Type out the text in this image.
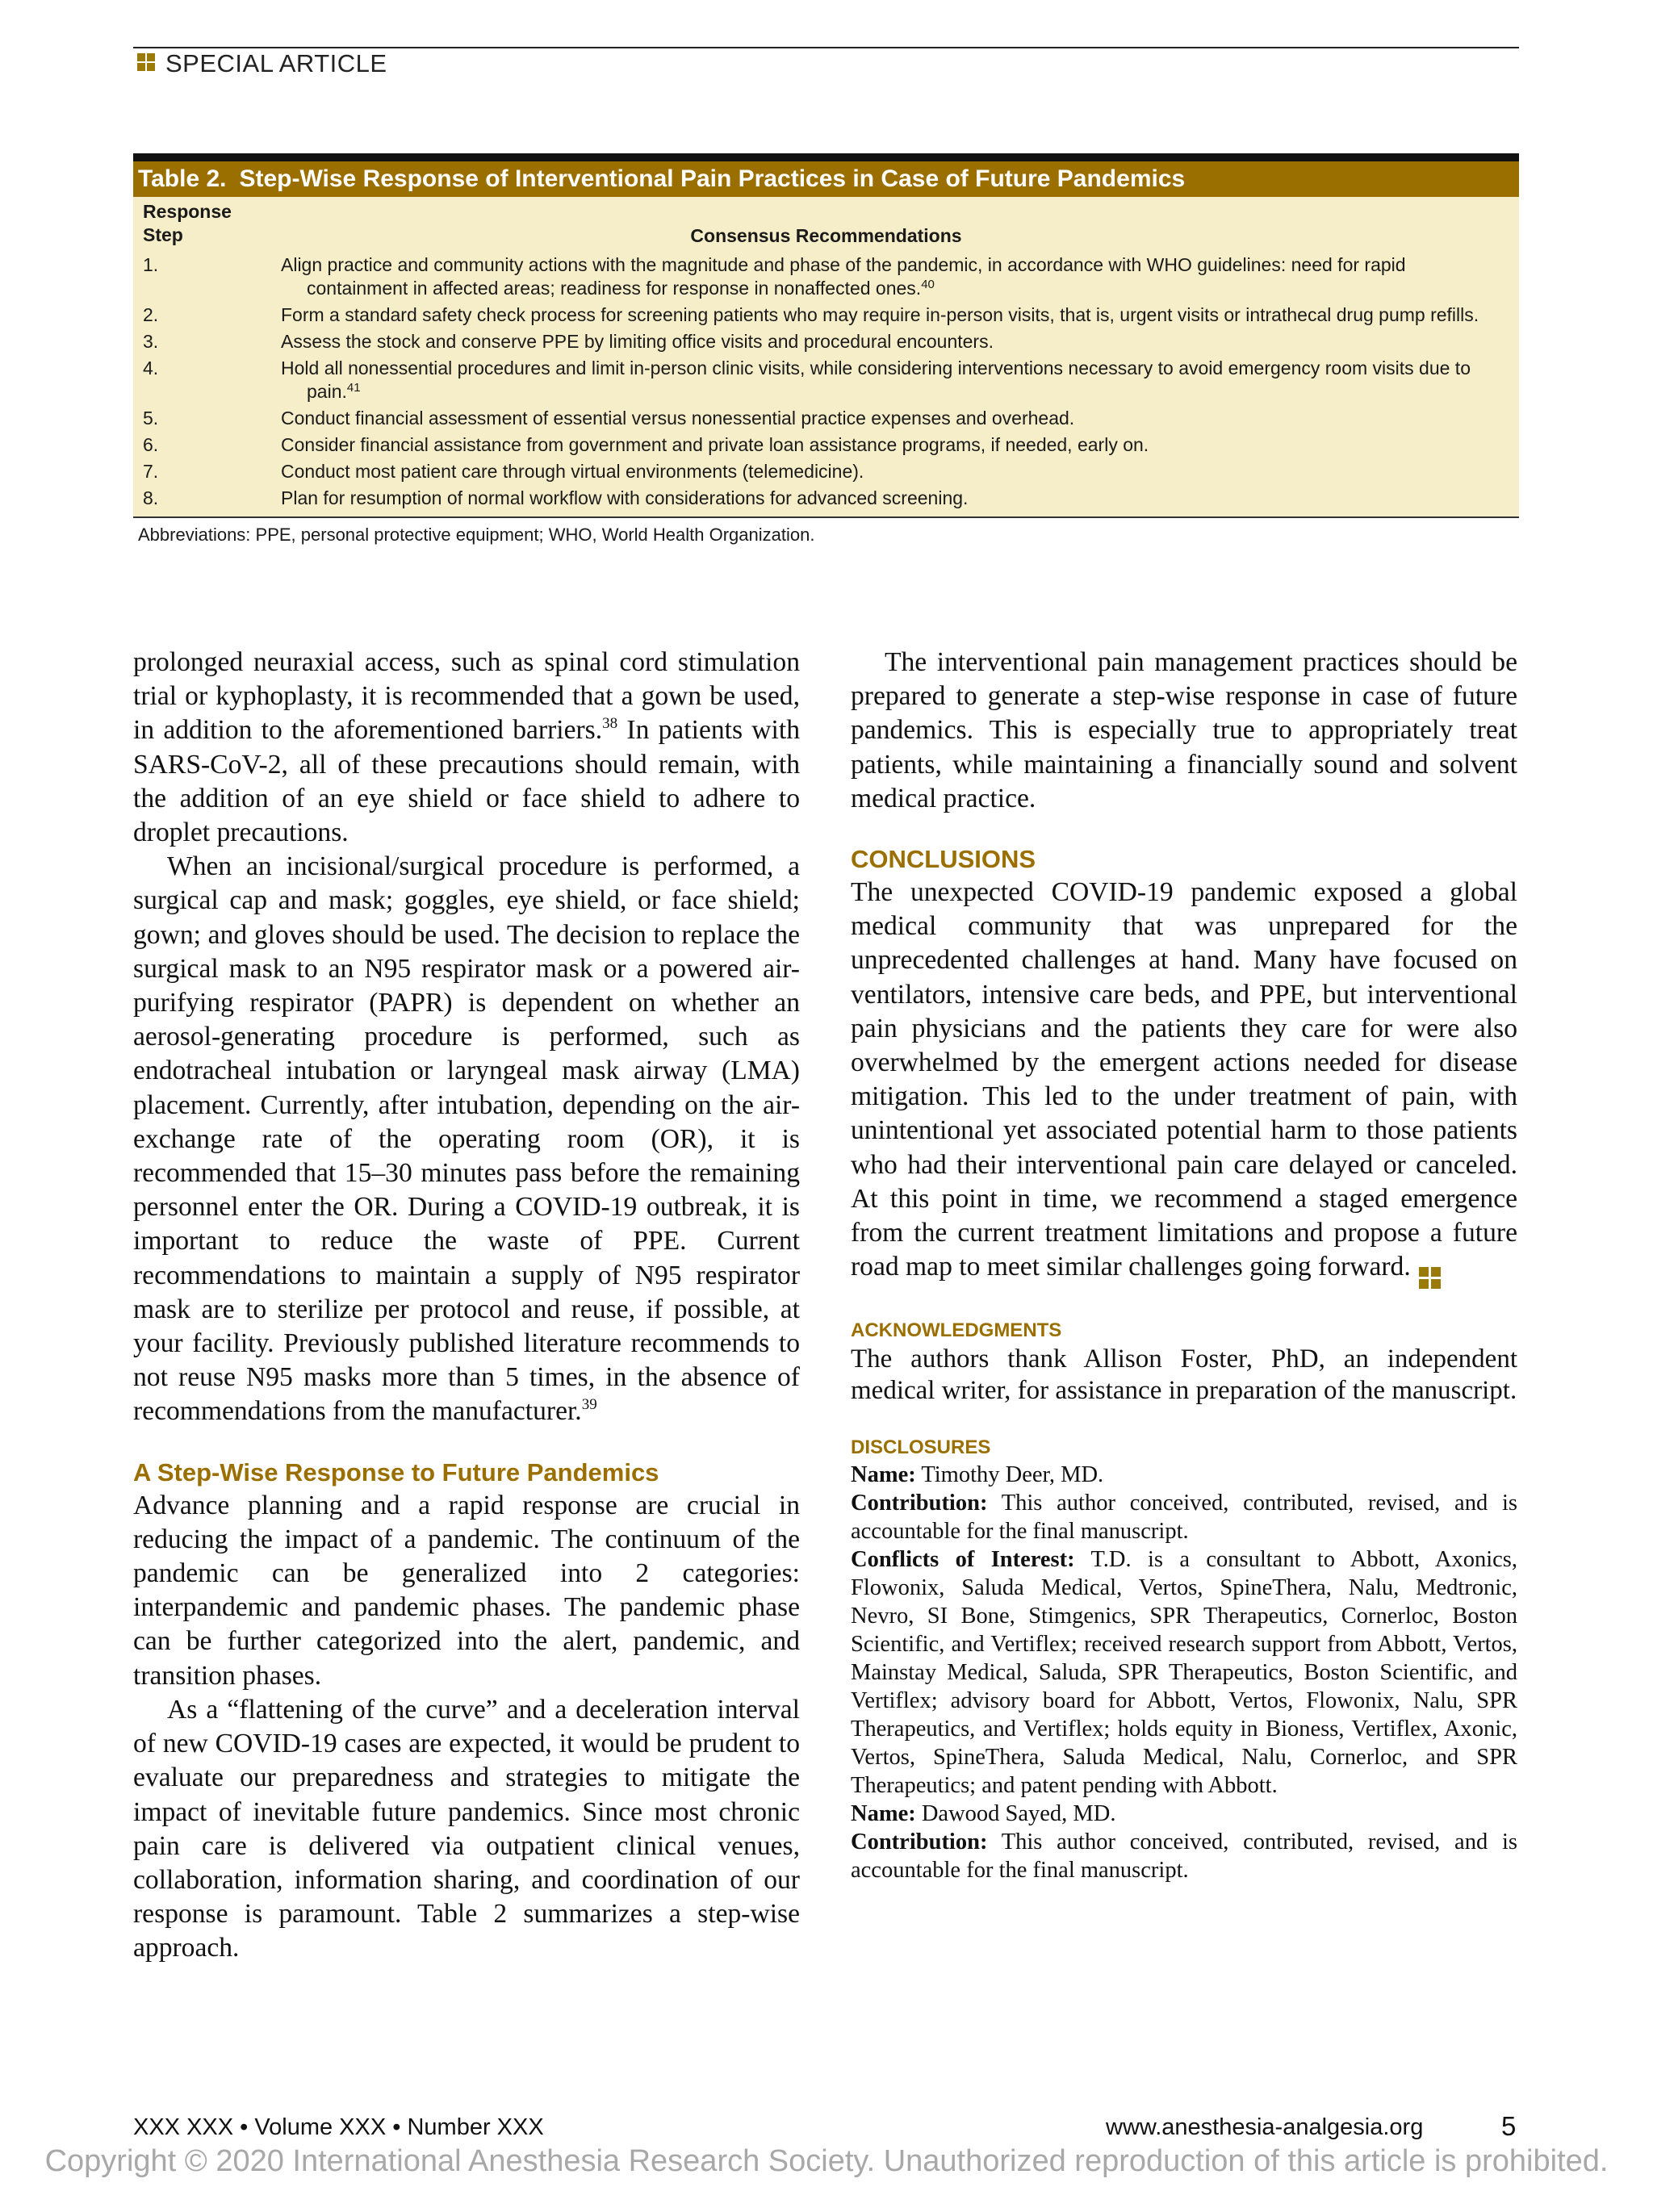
SPECIAL ARTICLE
Table 2. Step-Wise Response of Interventional Pain Practices in Case of Future Pandemics
Response Step	Consensus Recommendations
1.	Align practice and community actions with the magnitude and phase of the pandemic, in accordance with WHO guidelines: need for rapid containment in affected areas; readiness for response in nonaffected ones.$^{40}$
2.	Form a standard safety check process for screening patients who may require in-person visits, that is, urgent visits or intrathecal drug pump refills.
3.	Assess the stock and conserve PPE by limiting office visits and procedural encounters.
4.	Hold all nonessential procedures and limit in-person clinic visits, while considering interventions necessary to avoid emergency room visits due to pain.$^{41}$
5.	Conduct financial assessment of essential versus nonessential practice expenses and overhead.
6.	Consider financial assistance from government and private loan assistance programs, if needed, early on.
7.	Conduct most patient care through virtual environments (telemedicine).
8.	Plan for resumption of normal workflow with considerations for advanced screening.
Abbreviations: PPE, personal protective equipment; WHO, World Health Organization.

prolonged neuraxial access, such as spinal cord stimulation trial or kyphoplasty, it is recommended that a gown be used, in addition to the aforementioned barriers.$^{38}$ In patients with SARS-CoV-2, all of these precautions should remain, with the addition of an eye shield or face shield to adhere to droplet precautions.

When an incisional/surgical procedure is performed, a surgical cap and mask; goggles, eye shield, or face shield; gown; and gloves should be used. The decision to replace the surgical mask to an N95 respirator mask or a powered air-purifying respirator (PAPR) is dependent on whether an aerosol-generating procedure is performed, such as endotracheal intubation or laryngeal mask airway (LMA) placement. Currently, after intubation, depending on the air-exchange rate of the operating room (OR), it is recommended that 15–30 minutes pass before the remaining personnel enter the OR. During a COVID-19 outbreak, it is important to reduce the waste of PPE. Current recommendations to maintain a supply of N95 respirator mask are to sterilize per protocol and reuse, if possible, at your facility. Previously published literature recommends to not reuse N95 masks more than 5 times, in the absence of recommendations from the manufacturer.$^{39}$

A Step-Wise Response to Future Pandemics

Advance planning and a rapid response are crucial in reducing the impact of a pandemic. The continuum of the pandemic can be generalized into 2 categories: interpandemic and pandemic phases. The pandemic phase can be further categorized into the alert, pandemic, and transition phases.

As a “flattening of the curve” and a deceleration interval of new COVID-19 cases are expected, it would be prudent to evaluate our preparedness and strategies to mitigate the impact of inevitable future pandemics. Since most chronic pain care is delivered via outpatient clinical venues, collaboration, information sharing, and coordination of our response is paramount. Table 2 summarizes a step-wise approach.

The interventional pain management practices should be prepared to generate a step-wise response in case of future pandemics. This is especially true to appropriately treat patients, while maintaining a financially sound and solvent medical practice.

CONCLUSIONS

The unexpected COVID-19 pandemic exposed a global medical community that was unprepared for the unprecedented challenges at hand. Many have focused on ventilators, intensive care beds, and PPE, but interventional pain physicians and the patients they care for were also overwhelmed by the emergent actions needed for disease mitigation. This led to the under treatment of pain, with unintentional yet associated potential harm to those patients who had their interventional pain care delayed or canceled. At this point in time, we recommend a staged emergence from the current treatment limitations and propose a future road map to meet similar challenges going forward.

ACKNOWLEDGMENTS

The authors thank Allison Foster, PhD, an independent medical writer, for assistance in preparation of the manuscript.

DISCLOSURES
Name: Timothy Deer, MD.
Contribution: This author conceived, contributed, revised, and is accountable for the final manuscript.
Conflicts of Interest: T.D. is a consultant to Abbott, Axonics, Flowonix, Saluda Medical, Vertos, SpineThera, Nalu, Medtronic, Nevro, SI Bone, Stimgenics, SPR Therapeutics, Cornerloc, Boston Scientific, and Vertiflex; received research support from Abbott, Vertos, Mainstay Medical, Saluda, SPR Therapeutics, Boston Scientific, and Vertiflex; advisory board for Abbott, Vertos, Flowonix, Nalu, SPR Therapeutics, and Vertiflex; holds equity in Bioness, Vertiflex, Axonic, Vertos, SpineThera, Saluda Medical, Nalu, Cornerloc, and SPR Therapeutics; and patent pending with Abbott.
Name: Dawood Sayed, MD.
Contribution: This author conceived, contributed, revised, and is accountable for the final manuscript.
XXX XXX • Volume XXX • Number XXX	www.anesthesia-analgesia.org	5
Copyright © 2020 International Anesthesia Research Society. Unauthorized reproduction of this article is prohibited.
